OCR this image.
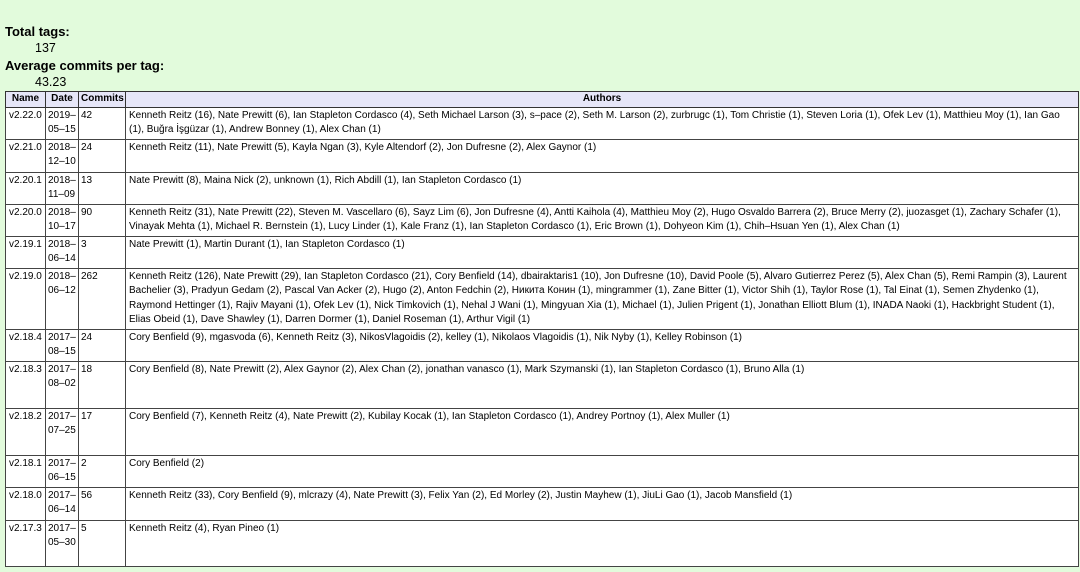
Total tags:
137
Average commits per tag:
43.23
Name	Date	Commits	Authors
v2.22.0	2019–05–15	42	Kenneth Reitz (16), Nate Prewitt (6), Ian Stapleton Cordasco (4), Seth Michael Larson (3), s–pace (2), Seth M. Larson (2), zurbrugc (1), Tom Christie (1), Steven Loria (1), Ofek Lev (1), Matthieu Moy (1), Ian Gao (1), Buğra İşgüzar (1), Andrew Bonney (1), Alex Chan (1)
v2.21.0	2018–12–10	24	Kenneth Reitz (11), Nate Prewitt (5), Kayla Ngan (3), Kyle Altendorf (2), Jon Dufresne (2), Alex Gaynor (1)
v2.20.1	2018–11–09	13	Nate Prewitt (8), Maina Nick (2), unknown (1), Rich Abdill (1), Ian Stapleton Cordasco (1)
v2.20.0	2018–10–17	90	Kenneth Reitz (31), Nate Prewitt (22), Steven M. Vascellaro (6), Sayz Lim (6), Jon Dufresne (4), Antti Kaihola (4), Matthieu Moy (2), Hugo Osvaldo Barrera (2), Bruce Merry (2), juozasget (1), Zachary Schafer (1), Vinayak Mehta (1), Michael R. Bernstein (1), Lucy Linder (1), Kale Franz (1), Ian Stapleton Cordasco (1), Eric Brown (1), Dohyeon Kim (1), Chih–Hsuan Yen (1), Alex Chan (1)
v2.19.1	2018–06–14	3	Nate Prewitt (1), Martin Durant (1), Ian Stapleton Cordasco (1)
v2.19.0	2018–06–12	262	Kenneth Reitz (126), Nate Prewitt (29), Ian Stapleton Cordasco (21), Cory Benfield (14), dbairaktaris1 (10), Jon Dufresne (10), David Poole (5), Alvaro Gutierrez Perez (5), Alex Chan (5), Remi Rampin (3), Laurent Bachelier (3), Pradyun Gedam (2), Pascal Van Acker (2), Hugo (2), Anton Fedchin (2), Никита Конин (1), mingrammer (1), Zane Bitter (1), Victor Shih (1), Taylor Rose (1), Tal Einat (1), Semen Zhydenko (1), Raymond Hettinger (1), Rajiv Mayani (1), Ofek Lev (1), Nick Timkovich (1), Nehal J Wani (1), Mingyuan Xia (1), Michael (1), Julien Prigent (1), Jonathan Elliott Blum (1), INADA Naoki (1), Hackbright Student (1), Elias Obeid (1), Dave Shawley (1), Darren Dormer (1), Daniel Roseman (1), Arthur Vigil (1)
v2.18.4	2017–08–15	24	Cory Benfield (9), mgasvoda (6), Kenneth Reitz (3), NikosVlagoidis (2), kelley (1), Nikolaos Vlagoidis (1), Nik Nyby (1), Kelley Robinson (1)
v2.18.3	2017–08–02	18	Cory Benfield (8), Nate Prewitt (2), Alex Gaynor (2), Alex Chan (2), jonathan vanasco (1), Mark Szymanski (1), Ian Stapleton Cordasco (1), Bruno Alla (1)
v2.18.2	2017–07–25	17	Cory Benfield (7), Kenneth Reitz (4), Nate Prewitt (2), Kubilay Kocak (1), Ian Stapleton Cordasco (1), Andrey Portnoy (1), Alex Muller (1)
v2.18.1	2017–06–15	2	Cory Benfield (2)
v2.18.0	2017–06–14	56	Kenneth Reitz (33), Cory Benfield (9), mlcrazy (4), Nate Prewitt (3), Felix Yan (2), Ed Morley (2), Justin Mayhew (1), JiuLi Gao (1), Jacob Mansfield (1)
v2.17.3	2017–05–30	5	Kenneth Reitz (4), Ryan Pineo (1)
